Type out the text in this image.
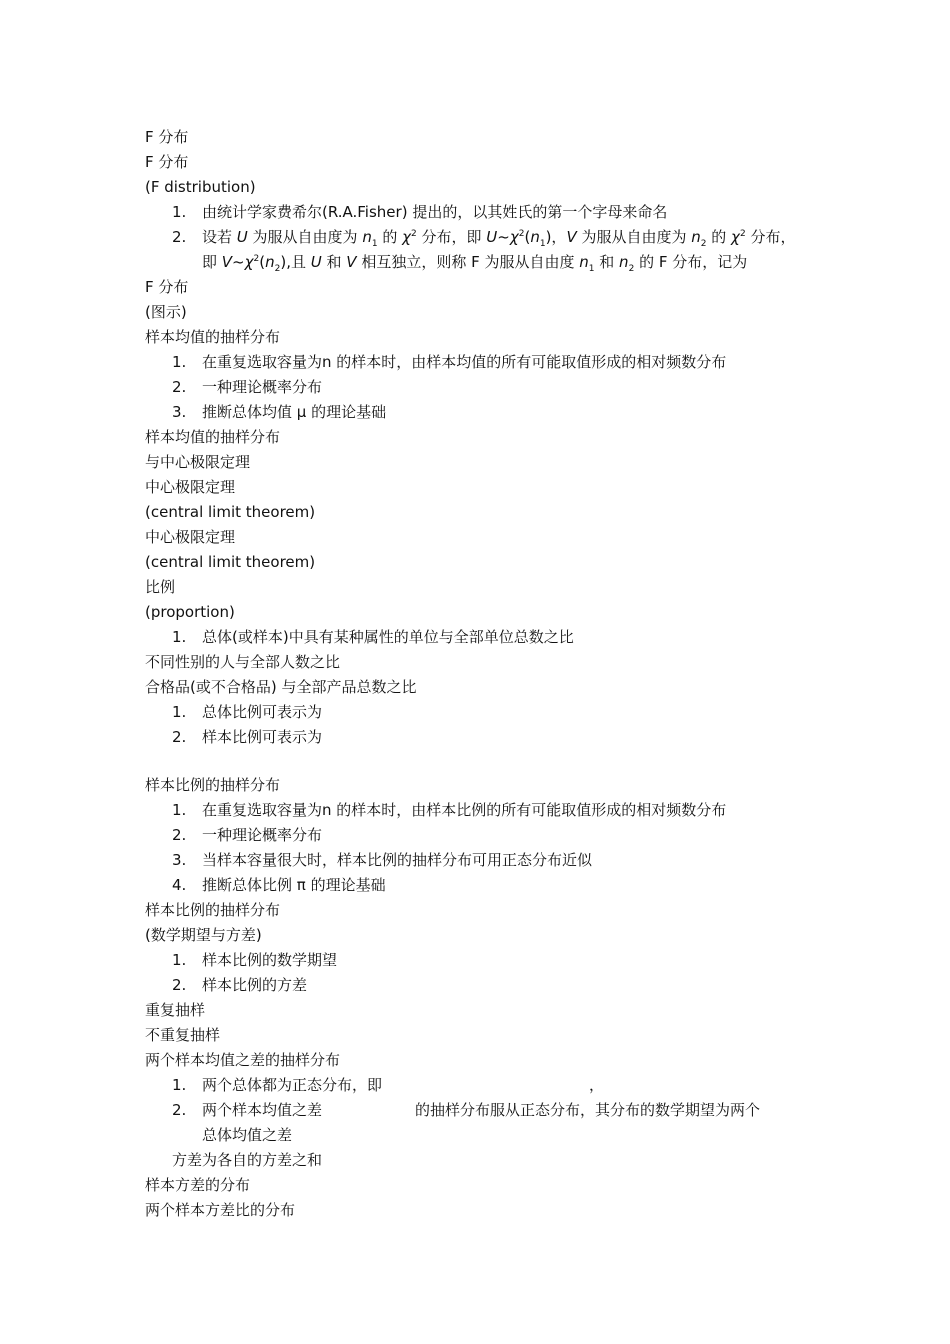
F 分布
F 分布
(F distribution)
1.	由统计学家费希尔(R.A.Fisher) 提出的，以其姓氏的第一个字母来命名
2.	设若 U 为服从自由度为 $n_1$ 的 $\chi^2$ 分布，即 $U\sim\chi^2(n_1)$，V 为服从自由度为 $n_2$ 的 $\chi^2$ 分布，
即 $V\sim\chi^2(n_2)$,且 U 和 V 相互独立，则称 F 为服从自由度 $n_1$ 和 $n_2$ 的 F 分布，记为
F 分布
(图示)
样本均值的抽样分布
1.	在重复选取容量为n 的样本时，由样本均值的所有可能取值形成的相对频数分布
2.	一种理论概率分布
3.	推断总体均值 μ 的理论基础
样本均值的抽样分布
与中心极限定理
中心极限定理
(central limit theorem)
中心极限定理
(central limit theorem)
比例
(proportion)
1.	总体(或样本)中具有某种属性的单位与全部单位总数之比
不同性别的人与全部人数之比
合格品(或不合格品) 与全部产品总数之比
1.	总体比例可表示为
2.	样本比例可表示为
样本比例的抽样分布
1.	在重复选取容量为n 的样本时，由样本比例的所有可能取值形成的相对频数分布
2.	一种理论概率分布
3.	当样本容量很大时，样本比例的抽样分布可用正态分布近似
4.	推断总体比例 π 的理论基础
样本比例的抽样分布
(数学期望与方差)
1.	样本比例的数学期望
2.	样本比例的方差
重复抽样
不重复抽样
两个样本均值之差的抽样分布
1.	两个总体都为正态分布，即	，
2.	两个样本均值之差	的抽样分布服从正态分布，其分布的数学期望为两个
总体均值之差
方差为各自的方差之和
样本方差的分布
两个样本方差比的分布
